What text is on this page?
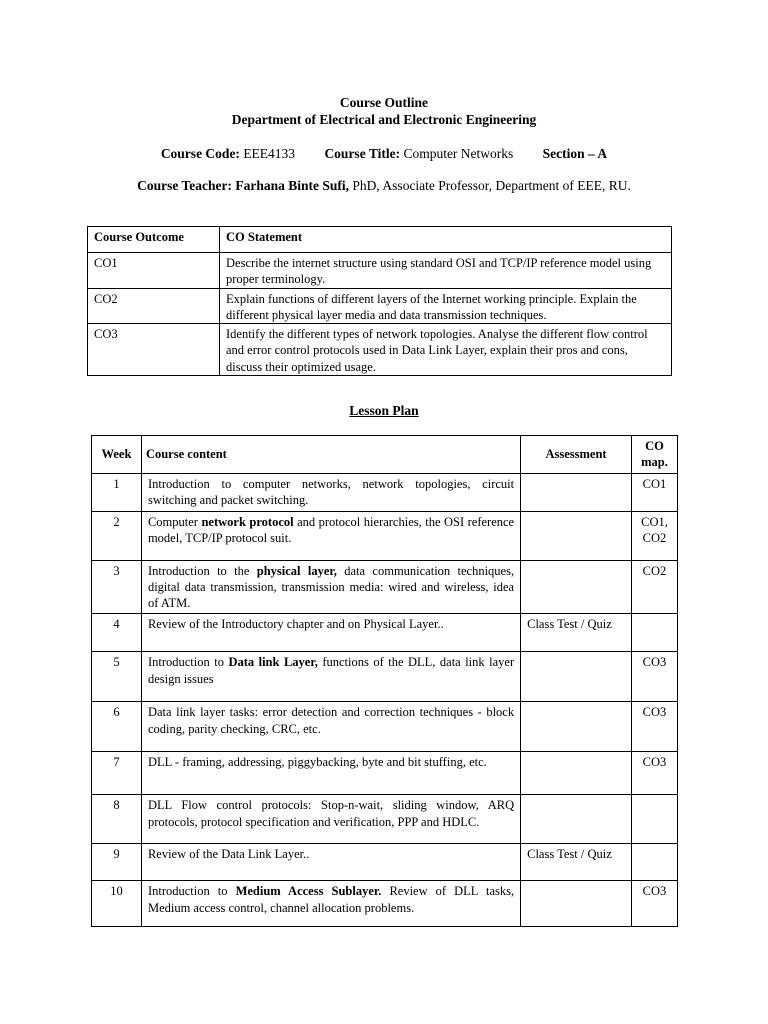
Course Outline
Department of Electrical and Electronic Engineering
Course Code: EEE4133 Course Title: Computer Networks Section – A
Course Teacher: Farhana Binte Sufi, PhD, Associate Professor, Department of EEE, RU.
Course Outcome	CO Statement
CO1	Describe the internet structure using standard OSI and TCP/IP reference model using proper terminology.
CO2	Explain functions of different layers of the Internet working principle. Explain the different physical layer media and data transmission techniques.
CO3	Identify the different types of network topologies. Analyse the different flow control and error control protocols used in Data Link Layer, explain their pros and cons, discuss their optimized usage.
Lesson Plan
Week	Course content	Assessment	CO map.
1	Introduction to computer networks, network topologies, circuit switching and packet switching.		CO1
2	Computer network protocol and protocol hierarchies, the OSI reference model, TCP/IP protocol suit.		CO1, CO2
3	Introduction to the physical layer, data communication techniques, digital data transmission, transmission media: wired and wireless, idea of ATM.		CO2
4	Review of the Introductory chapter and on Physical Layer..	Class Test / Quiz	
5	Introduction to Data link Layer, functions of the DLL, data link layer design issues		CO3
6	Data link layer tasks: error detection and correction techniques - block coding, parity checking, CRC, etc.		CO3
7	DLL - framing, addressing, piggybacking, byte and bit stuffing, etc.		CO3
8	DLL Flow control protocols: Stop-n-wait, sliding window, ARQ protocols, protocol specification and verification, PPP and HDLC.		
9	Review of the Data Link Layer..	Class Test / Quiz	
10	Introduction to Medium Access Sublayer. Review of DLL tasks, Medium access control, channel allocation problems.		CO3
